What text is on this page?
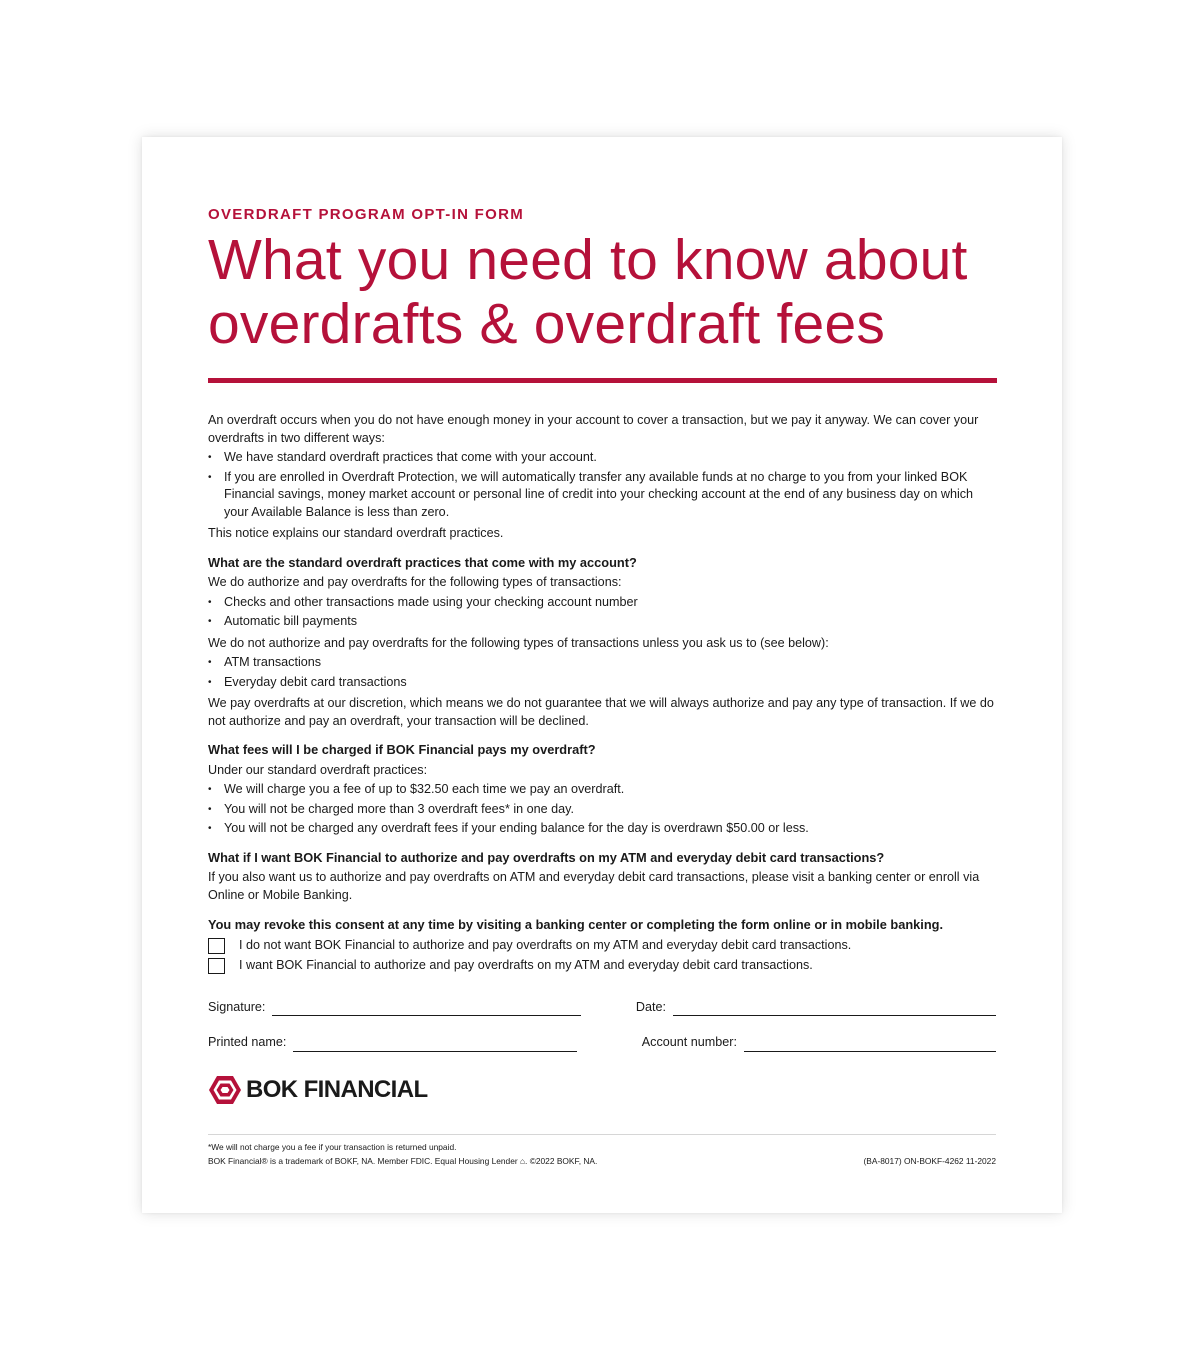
OVERDRAFT PROGRAM OPT-IN FORM

What you need to know about
overdrafts & overdraft fees

An overdraft occurs when you do not have enough money in your account to cover a transaction, but we pay it anyway. We can cover your overdrafts in two different ways:

• We have standard overdraft practices that come with your account.
• If you are enrolled in Overdraft Protection, we will automatically transfer any available funds at no charge to you from your linked BOK Financial savings, money market account or personal line of credit into your checking account at the end of any business day on which your Available Balance is less than zero.

This notice explains our standard overdraft practices.

What are the standard overdraft practices that come with my account?

We do authorize and pay overdrafts for the following types of transactions:

• Checks and other transactions made using your checking account number
• Automatic bill payments

We do not authorize and pay overdrafts for the following types of transactions unless you ask us to (see below):

• ATM transactions
• Everyday debit card transactions

We pay overdrafts at our discretion, which means we do not guarantee that we will always authorize and pay any type of transaction. If we do not authorize and pay an overdraft, your transaction will be declined.

What fees will I be charged if BOK Financial pays my overdraft?

Under our standard overdraft practices:

• We will charge you a fee of up to $32.50 each time we pay an overdraft.
• You will not be charged more than 3 overdraft fees* in one day.
• You will not be charged any overdraft fees if your ending balance for the day is overdrawn $50.00 or less.

What if I want BOK Financial to authorize and pay overdrafts on my ATM and everyday debit card transactions?

If you also want us to authorize and pay overdrafts on ATM and everyday debit card transactions, please visit a banking center or enroll via Online or Mobile Banking.

You may revoke this consent at any time by visiting a banking center or completing the form online or in mobile banking.

I do not want BOK Financial to authorize and pay overdrafts on my ATM and everyday debit card transactions.
I want BOK Financial to authorize and pay overdrafts on my ATM and everyday debit card transactions.
Signature:	Date:
Printed name:	Account number:
BOK FINANCIAL
*We will not charge you a fee if your transaction is returned unpaid.
BOK Financial® is a trademark of BOKF, NA. Member FDIC. Equal Housing Lender ⌂. ©2022 BOKF, NA.	(BA-8017) ON-BOKF-4262 11-2022
